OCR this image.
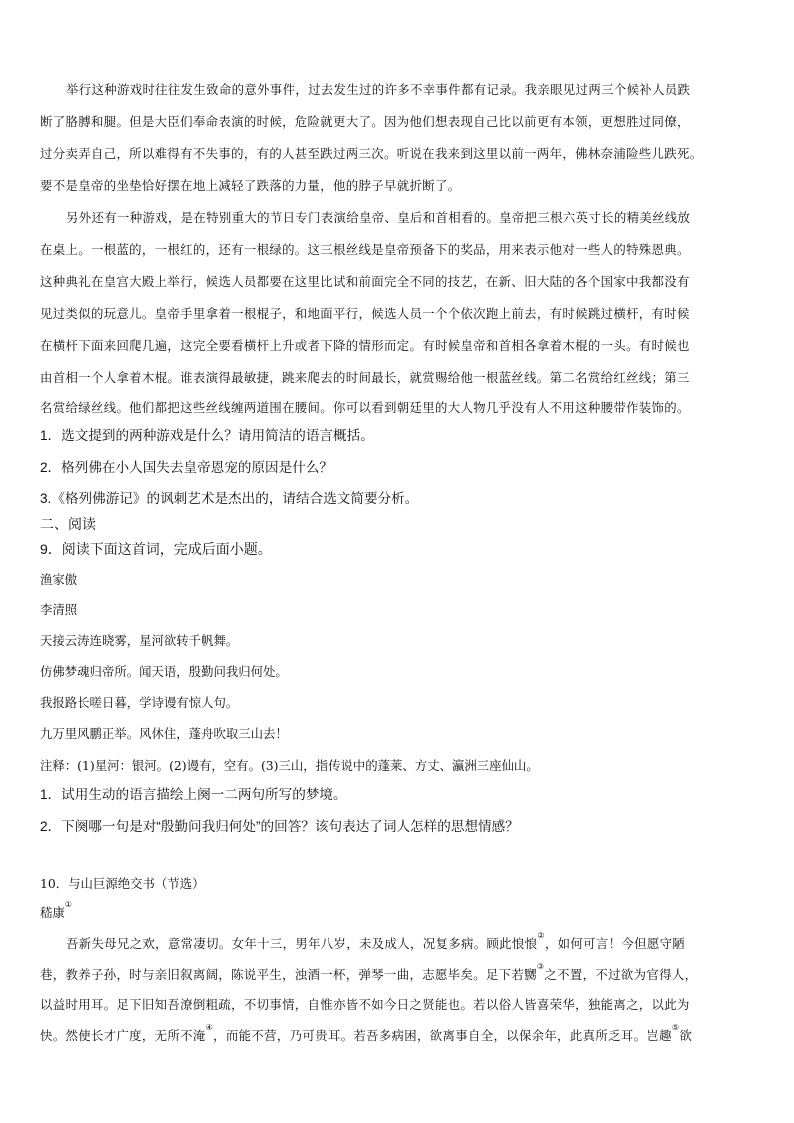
举行这种游戏时往往发生致命的意外事件，过去发生过的许多不幸事件都有记录。我亲眼见过两三个候补人员跌
断了胳膊和腿。但是大臣们奉命表演的时候，危险就更大了。因为他们想表现自己比以前更有本领，更想胜过同僚，
过分卖弄自己，所以难得有不失事的，有的人甚至跌过两三次。听说在我来到这里以前一两年，佛林奈浦险些儿跌死。
要不是皇帝的坐垫恰好摆在地上减轻了跌落的力量，他的脖子早就折断了。
另外还有一种游戏，是在特别重大的节日专门表演给皇帝、皇后和首相看的。皇帝把三根六英寸长的精美丝线放
在桌上。一根蓝的，一根红的，还有一根绿的。这三根丝线是皇帝预备下的奖品，用来表示他对一些人的特殊恩典。
这种典礼在皇宫大殿上举行，候选人员都要在这里比试和前面完全不同的技艺，在新、旧大陆的各个国家中我都没有
见过类似的玩意儿。皇帝手里拿着一根棍子，和地面平行，候选人员一个个依次跑上前去，有时候跳过横杆，有时候
在横杆下面来回爬几遍，这完全要看横杆上升或者下降的情形而定。有时候皇帝和首相各拿着木棍的一头。有时候也
由首相一个人拿着木棍。谁表演得最敏捷，跳来爬去的时间最长，就赏赐给他一根蓝丝线。第二名赏给红丝线；第三
名赏给绿丝线。他们都把这些丝线缠两道围在腰间。你可以看到朝廷里的大人物几乎没有人不用这种腰带作装饰的。
1．选文提到的两种游戏是什么？请用简洁的语言概括。
2．格列佛在小人国失去皇帝恩宠的原因是什么？
3.《格列佛游记》的讽刺艺术是杰出的，请结合选文简要分析。
二、阅读
9．阅读下面这首词，完成后面小题。
渔家傲
李清照
天接云涛连晓雾，星河欲转千帆舞。
仿佛梦魂归帝所。闻天语，殷勤问我归何处。
我报路长嗟日暮，学诗谩有惊人句。
九万里风鹏正举。风休住，蓬舟吹取三山去！
注释：(1)星河：银河。(2)谩有，空有。(3)三山，指传说中的蓬莱、方丈、瀛洲三座仙山。
1．试用生动的语言描绘上阕一二两句所写的梦境。
2．下阕哪一句是对“殷勤问我归何处”的回答？该句表达了词人怎样的思想情感？
10．与山巨源绝交书（节选）
嵇康①
吾新失母兄之欢，意常凄切。女年十三，男年八岁，未及成人，况复多病。顾此悢悢②，如何可言！今但愿守陋
巷，教养子孙，时与亲旧叙离阔，陈说平生，浊酒一杯，弹琴一曲，志愿毕矣。足下若嬲③之不置，不过欲为官得人，
以益时用耳。足下旧知吾潦倒粗疏，不切事情，自惟亦皆不如今日之贤能也。若以俗人皆喜荣华，独能离之，以此为
快。然使长才广度，无所不淹④，而能不营，乃可贵耳。若吾多病困，欲离事自全，以保余年，此真所乏耳。岂趣⑤欲
